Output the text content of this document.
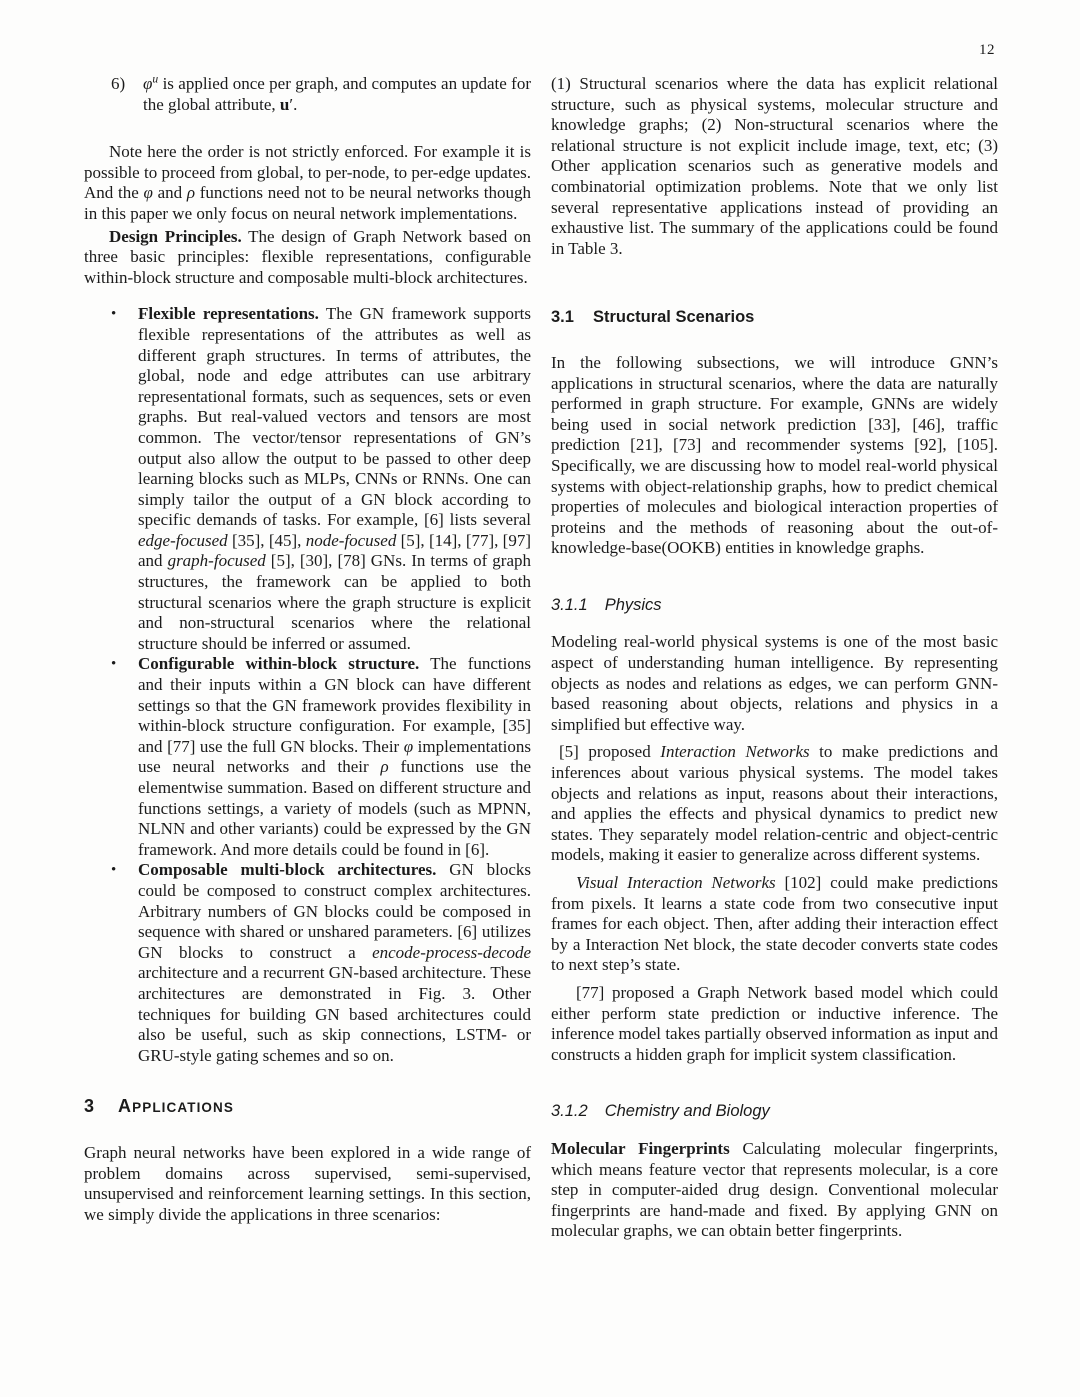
12
6) $\varphi^u$ is applied once per graph, and computes an update for the global attribute, u′.

Note here the order is not strictly enforced. For example it is possible to proceed from global, to per-node, to per-edge updates. And the φ and ρ functions need not to be neural networks though in this paper we only focus on neural network implementations.

Design Principles. The design of Graph Network based on three basic principles: flexible representations, configurable within-block structure and composable multi-block architectures.

• Flexible representations. The GN framework supports flexible representations of the attributes as well as different graph structures. In terms of attributes, the global, node and edge attributes can use arbitrary representational formats, such as sequences, sets or even graphs. But real-valued vectors and tensors are most common. The vector/tensor representations of GN’s output also allow the output to be passed to other deep learning blocks such as MLPs, CNNs or RNNs. One can simply tailor the output of a GN block according to specific demands of tasks. For example, [6] lists several edge-focused [35], [45], node-focused [5], [14], [77], [97] and graph-focused [5], [30], [78] GNs. In terms of graph structures, the framework can be applied to both structural scenarios where the graph structure is explicit and non-structural scenarios where the relational structure should be inferred or assumed.
• Configurable within-block structure. The functions and their inputs within a GN block can have different settings so that the GN framework provides flexibility in within-block structure configuration. For example, [35] and [77] use the full GN blocks. Their φ implementations use neural networks and their ρ functions use the elementwise summation. Based on different structure and functions settings, a variety of models (such as MPNN, NLNN and other variants) could be expressed by the GN framework. And more details could be found in [6].
• Composable multi-block architectures. GN blocks could be composed to construct complex architectures. Arbitrary numbers of GN blocks could be composed in sequence with shared or unshared parameters. [6] utilizes GN blocks to construct a encode-process-decode architecture and a recurrent GN-based architecture. These architectures are demonstrated in Fig. 3. Other techniques for building GN based architectures could also be useful, such as skip connections, LSTM- or GRU-style gating schemes and so on.
3 APPLICATIONS

Graph neural networks have been explored in a wide range of problem domains across supervised, semi-supervised, unsupervised and reinforcement learning settings. In this section, we simply divide the applications in three scenarios:

(1) Structural scenarios where the data has explicit relational structure, such as physical systems, molecular structure and knowledge graphs; (2) Non-structural scenarios where the relational structure is not explicit include image, text, etc; (3) Other application scenarios such as generative models and combinatorial optimization problems. Note that we only list several representative applications instead of providing an exhaustive list. The summary of the applications could be found in Table 3.

3.1 Structural Scenarios

In the following subsections, we will introduce GNN’s applications in structural scenarios, where the data are naturally performed in graph structure. For example, GNNs are widely being used in social network prediction [33], [46], traffic prediction [21], [73] and recommender systems [92], [105]. Specifically, we are discussing how to model real-world physical systems with object-relationship graphs, how to predict chemical properties of molecules and biological interaction properties of proteins and the methods of reasoning about the out-of-knowledge-base(OOKB) entities in knowledge graphs.

3.1.1 Physics

Modeling real-world physical systems is one of the most basic aspect of understanding human intelligence. By representing objects as nodes and relations as edges, we can perform GNN-based reasoning about objects, relations and physics in a simplified but effective way.

[5] proposed Interaction Networks to make predictions and inferences about various physical systems. The model takes objects and relations as input, reasons about their interactions, and applies the effects and physical dynamics to predict new states. They separately model relation-centric and object-centric models, making it easier to generalize across different systems.

Visual Interaction Networks [102] could make predictions from pixels. It learns a state code from two consecutive input frames for each object. Then, after adding their interaction effect by a Interaction Net block, the state decoder converts state codes to next step’s state.

[77] proposed a Graph Network based model which could either perform state prediction or inductive inference. The inference model takes partially observed information as input and constructs a hidden graph for implicit system classification.

3.1.2 Chemistry and Biology

Molecular Fingerprints Calculating molecular fingerprints, which means feature vector that represents molecular, is a core step in computer-aided drug design. Conventional molecular fingerprints are hand-made and fixed. By applying GNN on molecular graphs, we can obtain better fingerprints.
